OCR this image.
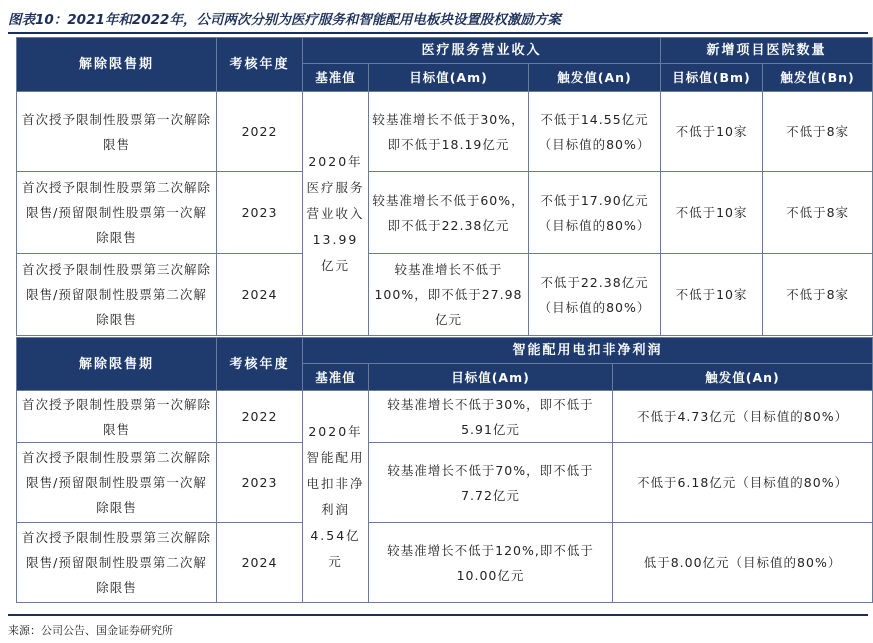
图表10：2021年和2022年，公司两次分别为医疗服务和智能配用电板块设置股权激励方案
解除限售期	考核年度	医疗服务营业收入			新增项目医院数量	
		基准值	目标值(Am)	触发值(An)	目标值(Bm)	触发值(Bn)
首次授予限制性股票第一次解除限售	2022	2020年医疗服务营业收入13.99亿元	较基准增长不低于30%，即不低于18.19亿元	不低于14.55亿元（目标值的80%）	不低于10家	不低于8家
首次授予限制性股票第二次解除限售/预留限制性股票第一次解除限售	2023		较基准增长不低于60%，即不低于22.38亿元	不低于17.90亿元（目标值的80%）	不低于10家	不低于8家
首次授予限制性股票第三次解除限售/预留限制性股票第二次解除限售	2024		较基准增长不低于100%，即不低于27.98亿元	不低于22.38亿元（目标值的80%）	不低于10家	不低于8家
解除限售期	考核年度	智能配用电扣非净利润		
		基准值	目标值(Am)	触发值(An)
首次授予限制性股票第一次解除限售	2022	2020年智能配用电扣非净利润4.54亿元	较基准增长不低于30%，即不低于5.91亿元	不低于4.73亿元（目标值的80%）
首次授予限制性股票第二次解除限售/预留限制性股票第一次解除限售	2023		较基准增长不低于70%，即不低于7.72亿元	不低于6.18亿元（目标值的80%）
首次授予限制性股票第三次解除限售/预留限制性股票第二次解除限售	2024		较基准增长不低于120%,即不低于10.00亿元	低于8.00亿元（目标值的80%）
来源：公司公告、国金证券研究所
